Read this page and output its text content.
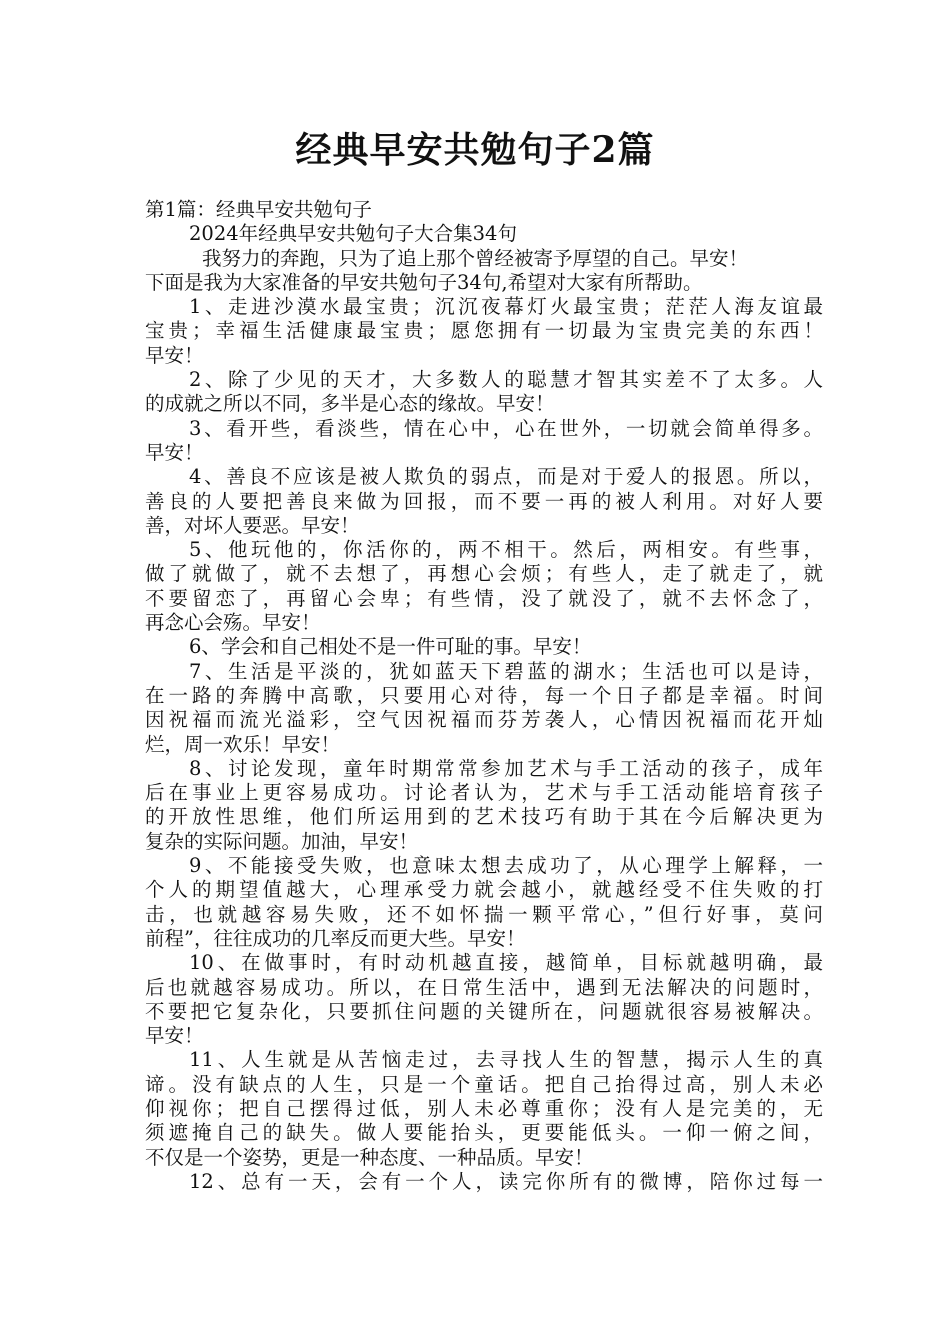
经典早安共勉句子2篇

第1篇：经典早安共勉句子

2024年经典早安共勉句子大合集34句

我努力的奔跑，只为了追上那个曾经被寄予厚望的自己。早安！

下面是我为大家准备的早安共勉句子34句,希望对大家有所帮助。

1、走进沙漠水最宝贵；沉沉夜幕灯火最宝贵；茫茫人海友谊最

宝贵；幸福生活健康最宝贵；愿您拥有一切最为宝贵完美的东西！

早安！

2、除了少见的天才，大多数人的聪慧才智其实差不了太多。人

的成就之所以不同，多半是心态的缘故。早安！

3、看开些，看淡些，情在心中，心在世外，一切就会简单得多。

早安！

4、善良不应该是被人欺负的弱点，而是对于爱人的报恩。所以，

善良的人要把善良来做为回报，而不要一再的被人利用。对好人要

善，对坏人要恶。早安！

5、他玩他的，你活你的，两不相干。然后，两相安。有些事，

做了就做了，就不去想了，再想心会烦；有些人，走了就走了，就

不要留恋了，再留心会卑；有些情，没了就没了，就不去怀念了，

再念心会殇。早安！

6、学会和自己相处不是一件可耻的事。早安！

7、生活是平淡的，犹如蓝天下碧蓝的湖水；生活也可以是诗，

在一路的奔腾中高歌，只要用心对待，每一个日子都是幸福。时间

因祝福而流光溢彩，空气因祝福而芬芳袭人，心情因祝福而花开灿

烂，周一欢乐！早安！

8、讨论发现，童年时期常常参加艺术与手工活动的孩子，成年

后在事业上更容易成功。讨论者认为，艺术与手工活动能培育孩子

的开放性思维，他们所运用到的艺术技巧有助于其在今后解决更为

复杂的实际问题。加油，早安！

9、不能接受失败，也意味太想去成功了，从心理学上解释，一

个人的期望值越大，心理承受力就会越小，就越经受不住失败的打

击，也就越容易失败，还不如怀揣一颗平常心，”但行好事，莫问

前程”，往往成功的几率反而更大些。早安！

10、在做事时，有时动机越直接，越简单，目标就越明确，最

后也就越容易成功。所以，在日常生活中，遇到无法解决的问题时，

不要把它复杂化，只要抓住问题的关键所在，问题就很容易被解决。

早安！

11、人生就是从苦恼走过，去寻找人生的智慧，揭示人生的真

谛。没有缺点的人生，只是一个童话。把自己抬得过高，别人未必

仰视你；把自己摆得过低，别人未必尊重你；没有人是完美的，无

须遮掩自己的缺失。做人要能抬头，更要能低头。一仰一俯之间，

不仅是一个姿势，更是一种态度、一种品质。早安！

12、总有一天，会有一个人，读完你所有的微博，陪你过每一
